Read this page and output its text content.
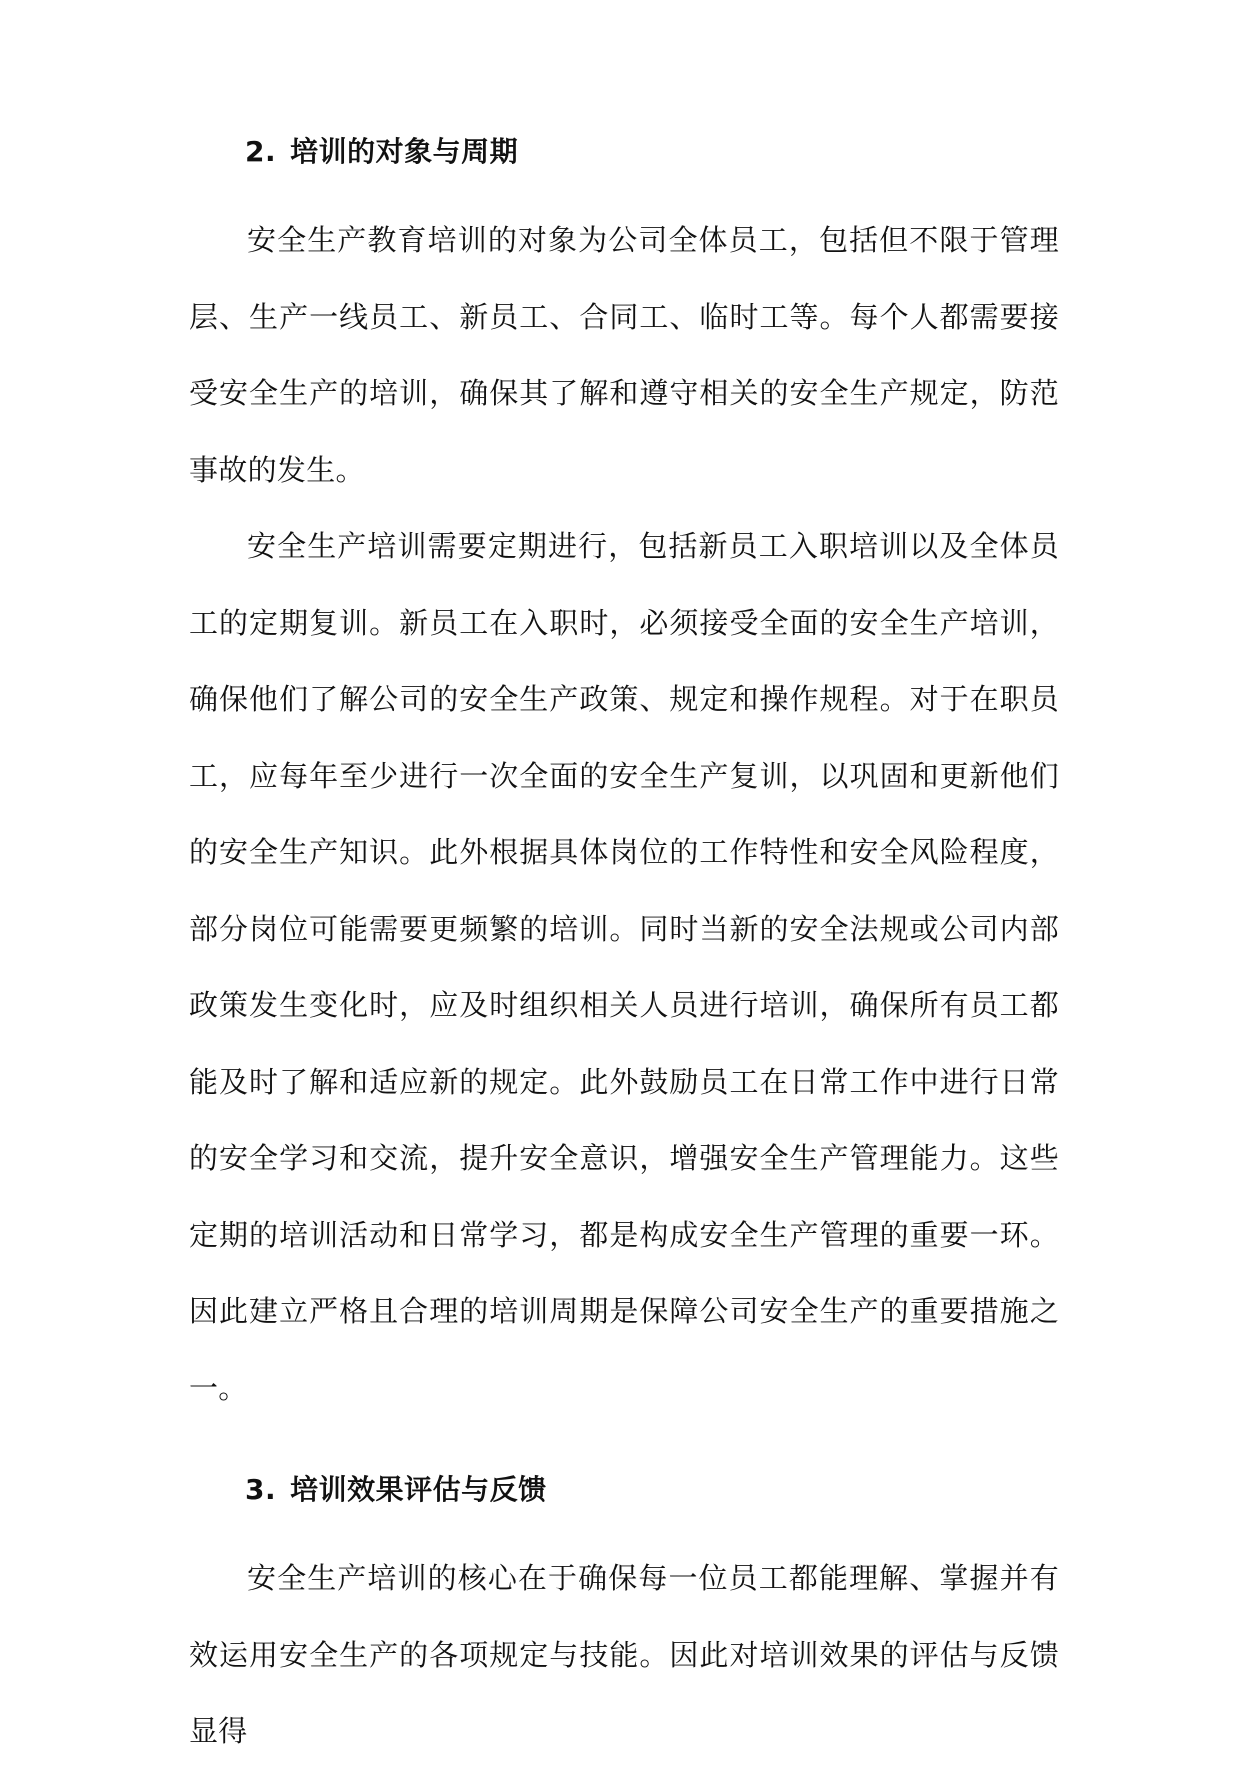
2. 培训的对象与周期

安全生产教育培训的对象为公司全体员工，包括但不限于管理层、生产一线员工、新员工、合同工、临时工等。每个人都需要接受安全生产的培训，确保其了解和遵守相关的安全生产规定，防范事故的发生。

安全生产培训需要定期进行，包括新员工入职培训以及全体员工的定期复训。新员工在入职时，必须接受全面的安全生产培训，确保他们了解公司的安全生产政策、规定和操作规程。对于在职员工，应每年至少进行一次全面的安全生产复训，以巩固和更新他们的安全生产知识。此外根据具体岗位的工作特性和安全风险程度，部分岗位可能需要更频繁的培训。同时当新的安全法规或公司内部政策发生变化时，应及时组织相关人员进行培训，确保所有员工都能及时了解和适应新的规定。此外鼓励员工在日常工作中进行日常的安全学习和交流，提升安全意识，增强安全生产管理能力。这些定期的培训活动和日常学习，都是构成安全生产管理的重要一环。因此建立严格且合理的培训周期是保障公司安全生产的重要措施之一。

3. 培训效果评估与反馈

安全生产培训的核心在于确保每一位员工都能理解、掌握并有效运用安全生产的各项规定与技能。因此对培训效果的评估与反馈显得
